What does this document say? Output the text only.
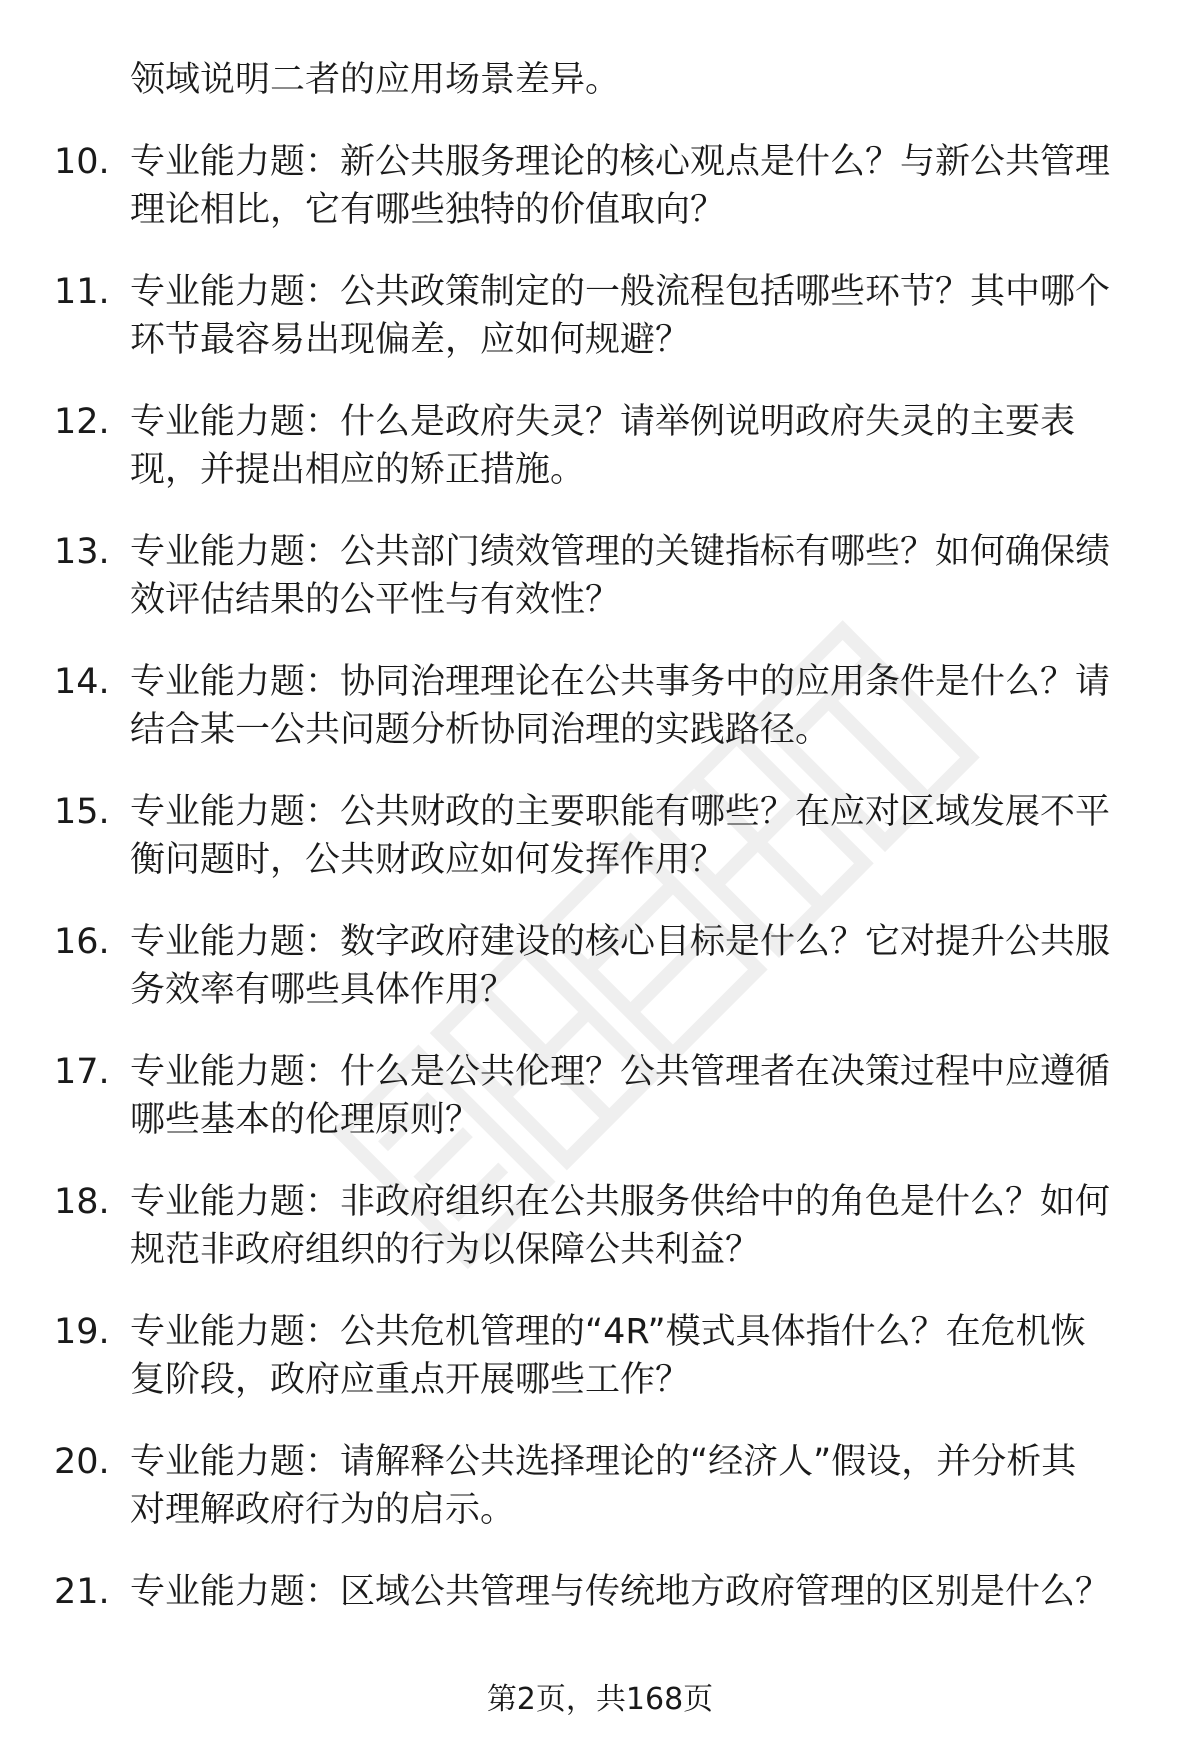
领域说明二者的应用场景差异。
10. 专业能力题：新公共服务理论的核心观点是什么？与新公共管理
理论相比，它有哪些独特的价值取向？
11. 专业能力题：公共政策制定的一般流程包括哪些环节？其中哪个
环节最容易出现偏差，应如何规避？
12. 专业能力题：什么是政府失灵？请举例说明政府失灵的主要表
现，并提出相应的矫正措施。
13. 专业能力题：公共部门绩效管理的关键指标有哪些？如何确保绩
效评估结果的公平性与有效性？
14. 专业能力题：协同治理理论在公共事务中的应用条件是什么？请
结合某一公共问题分析协同治理的实践路径。
15. 专业能力题：公共财政的主要职能有哪些？在应对区域发展不平
衡问题时，公共财政应如何发挥作用？
16. 专业能力题：数字政府建设的核心目标是什么？它对提升公共服
务效率有哪些具体作用？
17. 专业能力题：什么是公共伦理？公共管理者在决策过程中应遵循
哪些基本的伦理原则？
18. 专业能力题：非政府组织在公共服务供给中的角色是什么？如何
规范非政府组织的行为以保障公共利益？
19. 专业能力题：公共危机管理的“4R”模式具体指什么？在危机恢
复阶段，政府应重点开展哪些工作？
20. 专业能力题：请解释公共选择理论的“经济人”假设，并分析其
对理解政府行为的启示。
21. 专业能力题：区域公共管理与传统地方政府管理的区别是什么？
第2页，共168页
